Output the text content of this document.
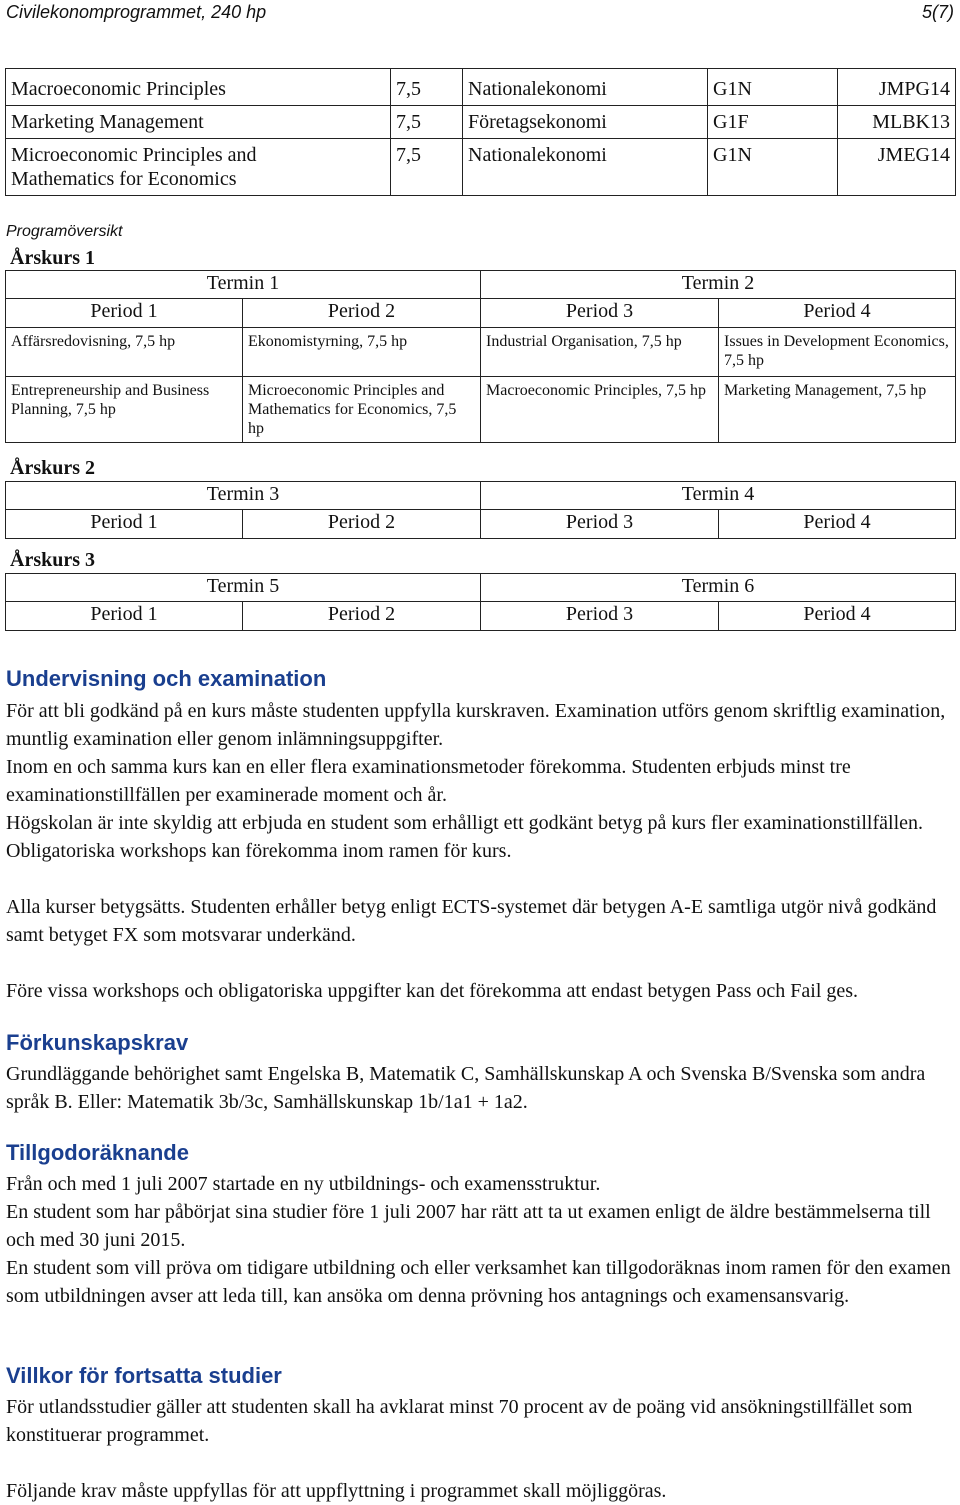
Civilekonomprogrammet, 240 hp	5(7)
Macroeconomic Principles	7,5	Nationalekonomi	G1N	JMPG14
Marketing Management	7,5	Företagsekonomi	G1F	MLBK13
Microeconomic Principles and Mathematics for Economics	7,5	Nationalekonomi	G1N	JMEG14
Programöversikt
Årskurs 1
Termin 1		Termin 2	
Period 1	Period 2	Period 3	Period 4
Affärsredovisning, 7,5 hp	Ekonomistyrning, 7,5 hp	Industrial Organisation, 7,5 hp	Issues in Development Economics, 7,5 hp
Entrepreneurship and Business Planning, 7,5 hp	Microeconomic Principles and Mathematics for Economics, 7,5 hp	Macroeconomic Principles, 7,5 hp	Marketing Management, 7,5 hp
Årskurs 2
Termin 3		Termin 4	
Period 1	Period 2	Period 3	Period 4
Årskurs 3
Termin 5		Termin 6	
Period 1	Period 2	Period 3	Period 4
Undervisning och examination
För att bli godkänd på en kurs måste studenten uppfylla kurskraven. Examination utförs genom skriftlig examination, muntlig examination eller genom inlämningsuppgifter.
Inom en och samma kurs kan en eller flera examinationsmetoder förekomma. Studenten erbjuds minst tre examinationstillfällen per examinerade moment och år.
Högskolan är inte skyldig att erbjuda en student som erhålligt ett godkänt betyg på kurs fler examinationstillfällen. Obligatoriska workshops kan förekomma inom ramen för kurs.
Alla kurser betygsätts. Studenten erhåller betyg enligt ECTS-systemet där betygen A-E samtliga utgör nivå godkänd samt betyget FX som motsvarar underkänd.
Före vissa workshops och obligatoriska uppgifter kan det förekomma att endast betygen Pass och Fail ges.
Förkunskapskrav
Grundläggande behörighet samt Engelska B, Matematik C, Samhällskunskap A och Svenska B/Svenska som andra språk B. Eller: Matematik 3b/3c, Samhällskunskap 1b/1a1 + 1a2.
Tillgodoräknande
Från och med 1 juli 2007 startade en ny utbildnings- och examensstruktur.
En student som har påbörjat sina studier före 1 juli 2007 har rätt att ta ut examen enligt de äldre bestämmelserna till och med 30 juni 2015.
En student som vill pröva om tidigare utbildning och eller verksamhet kan tillgodoräknas inom ramen för den examen som utbildningen avser att leda till, kan ansöka om denna prövning hos antagnings och examensansvarig.
Villkor för fortsatta studier
För utlandsstudier gäller att studenten skall ha avklarat minst 70 procent av de poäng vid ansökningstillfället som konstituerar programmet.
Följande krav måste uppfyllas för att uppflyttning i programmet skall möjliggöras.
